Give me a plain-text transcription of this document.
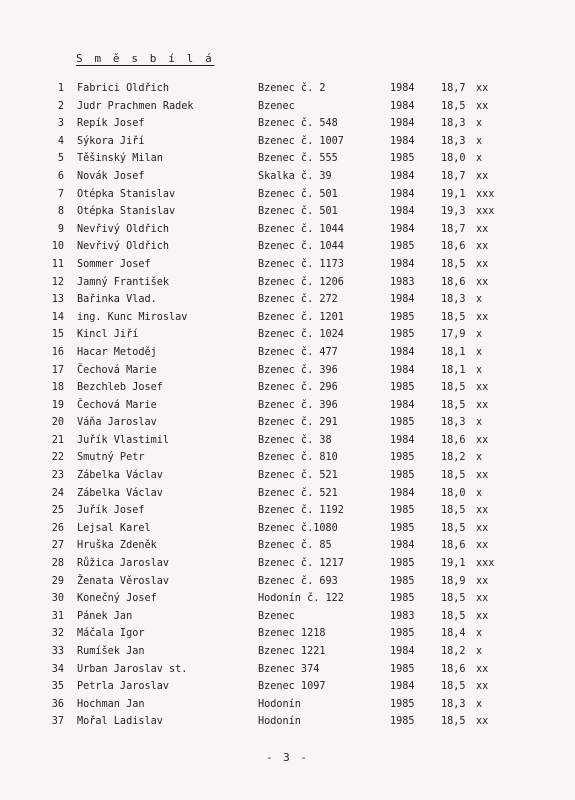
S m ě s b í l á
1 Fabrici Oldřich	Bzenec č. 2	1984	18,7 xx
2 Judr Prachmen Radek	Bzenec	1984	18,5 xx
3 Repík Josef	Bzenec č. 548	1984	18,3 x
4 Sýkora Jiří	Bzenec č. 1007	1984	18,3 x
5 Těšinský Milan	Bzenec č. 555	1985	18,0 x
6 Novák Josef	Skalka č. 39	1984	18,7 xx
7 Otépka Stanislav	Bzenec č. 501	1984	19,1 xxx
8 Otépka Stanislav	Bzenec č. 501	1984	19,3 xxx
9 Nevřivý Oldřich	Bzenec č. 1044	1984	18,7 xx
10 Nevřivý Oldřich	Bzenec č. 1044	1985	18,6 xx
11 Sommer Josef	Bzenec č. 1173	1984	18,5 xx
12 Jamný František	Bzenec č. 1206	1983	18,6 xx
13 Bařinka Vlad.	Bzenec č. 272	1984	18,3 x
14 ing. Kunc Miroslav	Bzenec č. 1201	1985	18,5 xx
15 Kincl Jiří	Bzenec č. 1024	1985	17,9 x
16 Hacar Metoděj	Bzenec č. 477	1984	18,1 x
17 Čechová Marie	Bzenec č. 396	1984	18,1 x
18 Bezchleb Josef	Bzenec č. 296	1985	18,5 xx
19 Čechová Marie	Bzenec č. 396	1984	18,5 xx
20 Váňa Jaroslav	Bzenec č. 291	1985	18,3 x
21 Juřík Vlastimil	Bzenec č. 38	1984	18,6 xx
22 Smutný Petr	Bzenec č. 810	1985	18,2 x
23 Zábelka Václav	Bzenec č. 521	1985	18,5 xx
24 Zábelka Václav	Bzenec č. 521	1984	18,0 x
25 Juřík Josef	Bzenec č. 1192	1985	18,5 xx
26 Lejsal Karel	Bzenec č.1080	1985	18,5 xx
27 Hruška Zdeněk	Bzenec č. 85	1984	18,6 xx
28 Růžica Jaroslav	Bzenec č. 1217	1985	19,1 xxx
29 Ženata Věroslav	Bzenec č. 693	1985	18,9 xx
30 Konečný Josef	Hodonín č. 122	1985	18,5 xx
31 Pánek Jan	Bzenec	1983	18,5 xx
32 Máčala Igor	Bzenec 1218	1985	18,4 x
33 Rumíšek Jan	Bzenec 1221	1984	18,2 x
34 Urban Jaroslav st.	Bzenec 374	1985	18,6 xx
35 Petrla Jaroslav	Bzenec 1097	1984	18,5 xx
36 Hochman Jan	Hodonín	1985	18,3 x
37 Mořal Ladislav	Hodonín	1985	18,5 xx
- 3 -
